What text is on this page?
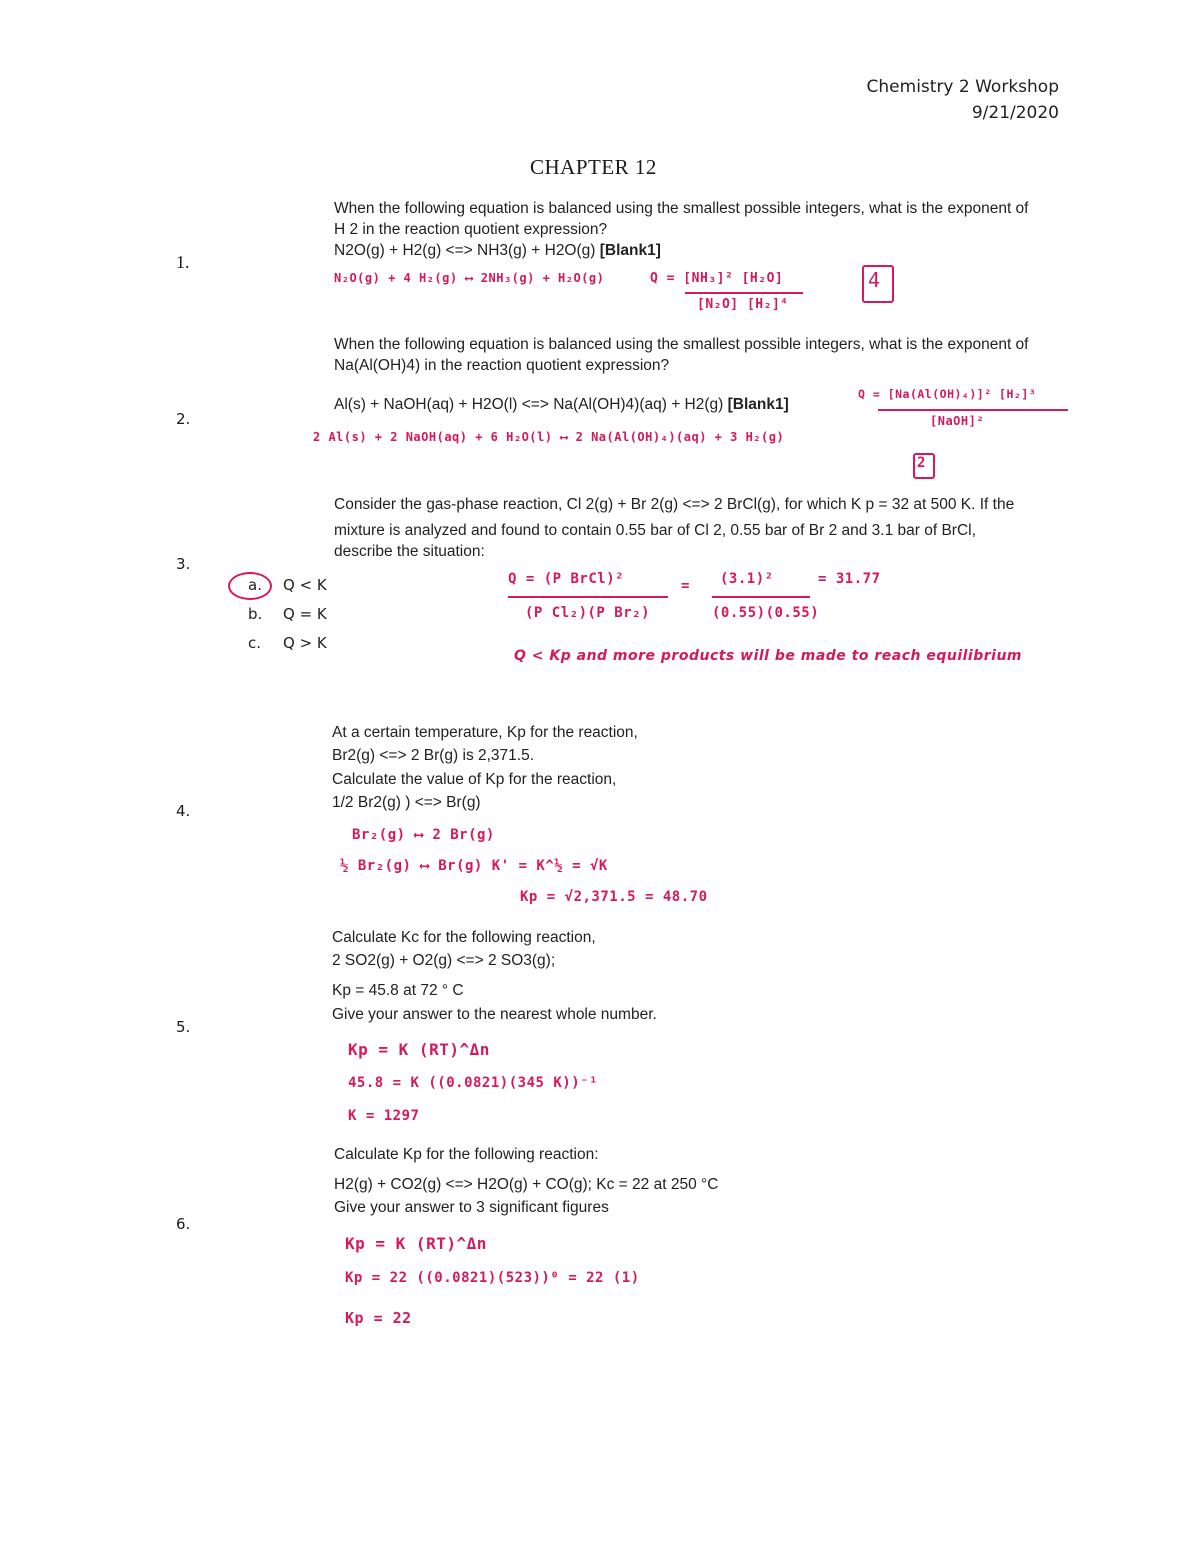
Chemistry 2 Workshop
9/21/2020
CHAPTER 12
1.
When the following equation is balanced using the smallest possible integers, what is the exponent of
H 2 in the reaction quotient expression?
N2O(g) + H2(g) <=> NH3(g) + H2O(g) [Blank1]
N₂O(g) + 4 H₂(g) ⟷ 2NH₃(g) + H₂O(g)	Q = [NH₃]² [H₂O]
[N₂O] [H₂]⁴
4
2.
When the following equation is balanced using the smallest possible integers, what is the exponent of
Na(Al(OH)4) in the reaction quotient expression?
Al(s) + NaOH(aq) + H2O(l) <=> Na(Al(OH)4)(aq) + H2(g) [Blank1]
Q = [Na(Al(OH)₄)]² [H₂]³
[NaOH]²
2 Al(s) + 2 NaOH(aq) + 6 H₂O(l) ⟷ 2 Na(Al(OH)₄)(aq) + 3 H₂(g)
2
3.
Consider the gas-phase reaction, Cl 2(g) + Br 2(g) <=> 2 BrCl(g), for which K p = 32 at 500 K. If the
mixture is analyzed and found to contain 0.55 bar of Cl 2, 0.55 bar of Br 2 and 3.1 bar of BrCl,
describe the situation:
a. Q < K
b. Q = K
c. Q > K
Q = (P BrCl)²
(P Cl₂)(P Br₂)
= (3.1)²
(0.55)(0.55)
= 31.77
Q < Kp and more products will be made to reach equilibrium
4.
At a certain temperature, Kp for the reaction,
Br2(g) <=> 2 Br(g) is 2,371.5.
Calculate the value of Kp for the reaction,
1/2 Br2(g) ) <=> Br(g)
Br₂(g) ⟷ 2 Br(g)
½ Br₂(g) ⟷ Br(g) K' = K^½ = √K
Kp = √2,371.5 = 48.70
5.
Calculate Kc for the following reaction,
2 SO2(g) + O2(g) <=> 2 SO3(g);
Kp = 45.8 at 72 ° C
Give your answer to the nearest whole number.
Kp = K (RT)^Δn
45.8 = K ((0.0821)(345 K))⁻¹
K = 1297
6.
Calculate Kp for the following reaction:
H2(g) + CO2(g) <=> H2O(g) + CO(g); Kc = 22 at 250 °C
Give your answer to 3 significant figures
Kp = K (RT)^Δn
Kp = 22 ((0.0821)(523))⁰ = 22 (1)
Kp = 22
